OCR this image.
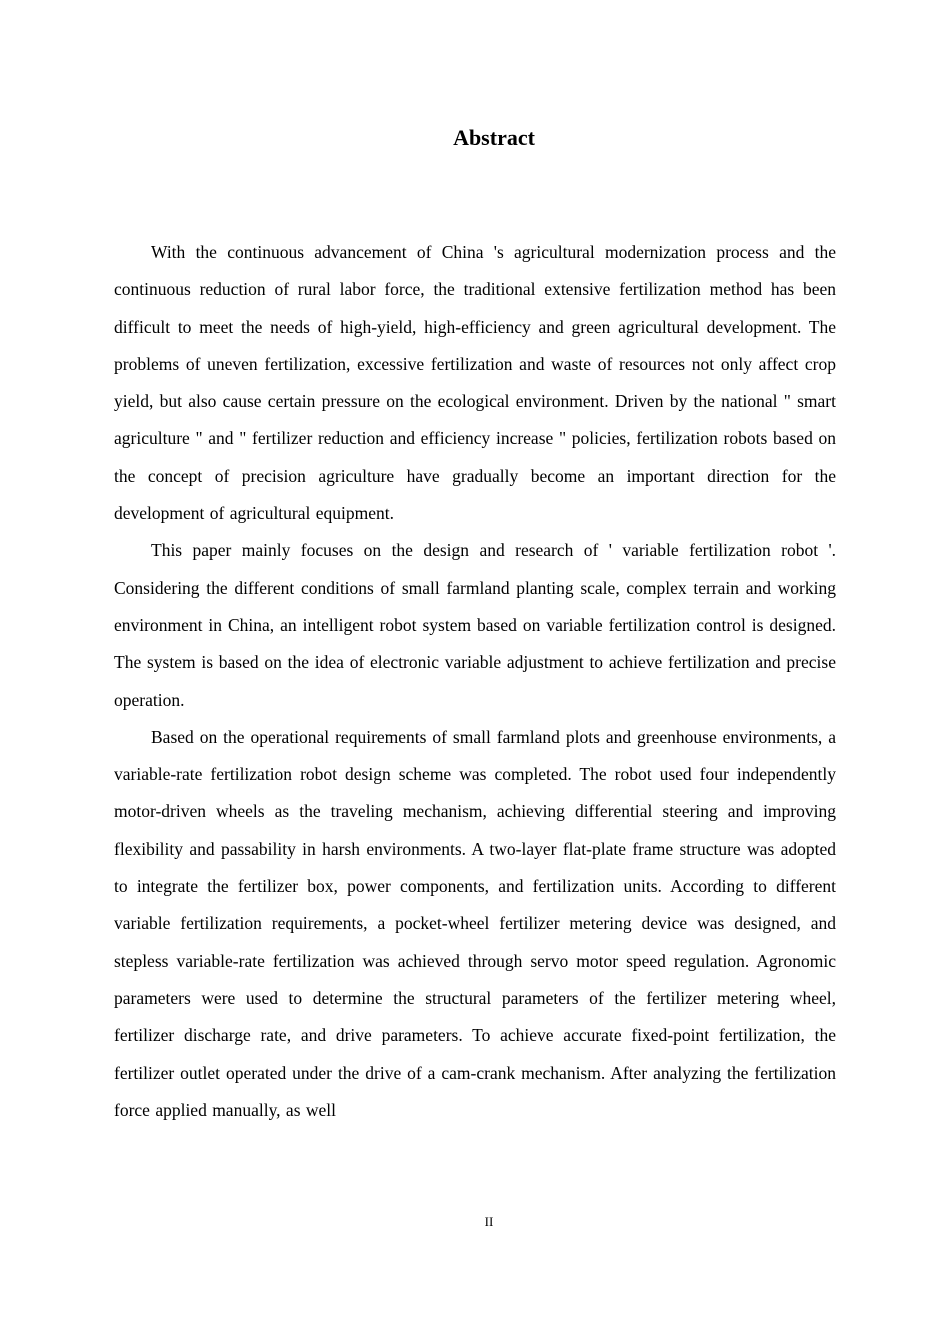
Abstract

With the continuous advancement of China 's agricultural modernization process and the continuous reduction of rural labor force, the traditional extensive fertilization method has been difficult to meet the needs of high-yield, high-efficiency and green agricultural development. The problems of uneven fertilization, excessive fertilization and waste of resources not only affect crop yield, but also cause certain pressure on the ecological environment. Driven by the national " smart agriculture " and " fertilizer reduction and efficiency increase " policies, fertilization robots based on the concept of precision agriculture have gradually become an important direction for the development of agricultural equipment.

This paper mainly focuses on the design and research of ' variable fertilization robot '. Considering the different conditions of small farmland planting scale, complex terrain and working environment in China, an intelligent robot system based on variable fertilization control is designed. The system is based on the idea of electronic variable adjustment to achieve fertilization and precise operation.

Based on the operational requirements of small farmland plots and greenhouse environments, a variable-rate fertilization robot design scheme was completed. The robot used four independently motor-driven wheels as the traveling mechanism, achieving differential steering and improving flexibility and passability in harsh environments. A two-layer flat-plate frame structure was adopted to integrate the fertilizer box, power components, and fertilization units. According to different variable fertilization requirements, a pocket-wheel fertilizer metering device was designed, and stepless variable-rate fertilization was achieved through servo motor speed regulation. Agronomic parameters were used to determine the structural parameters of the fertilizer metering wheel, fertilizer discharge rate, and drive parameters. To achieve accurate fixed-point fertilization, the fertilizer outlet operated under the drive of a cam-crank mechanism. After analyzing the fertilization force applied manually, as well

II
